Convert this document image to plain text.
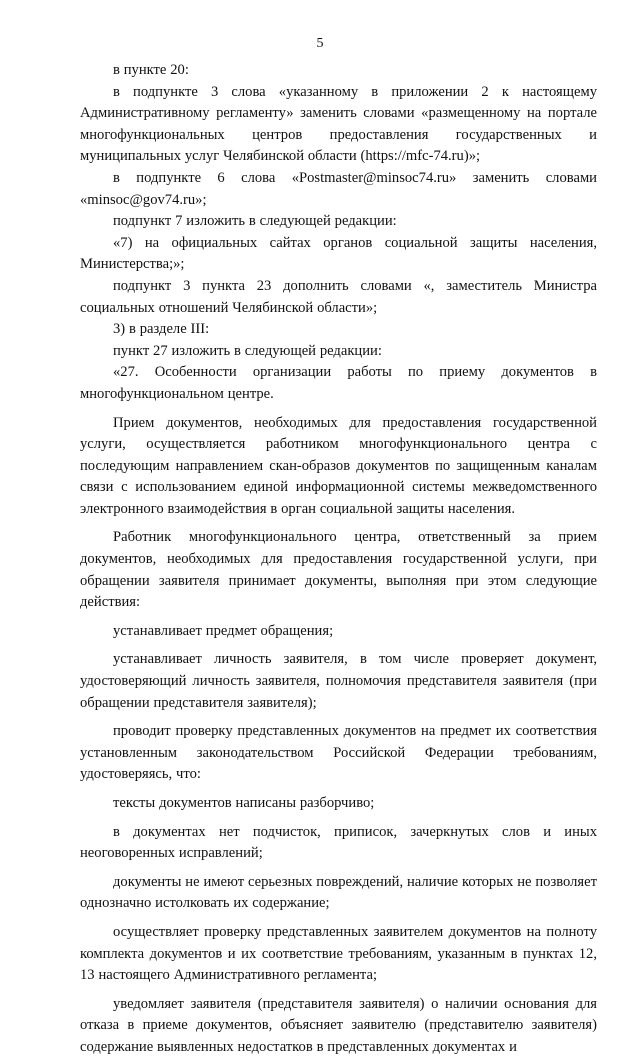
5

в пункте 20:

в подпункте 3 слова «указанному в приложении 2 к настоящему Административному регламенту» заменить словами «размещенному на портале многофункциональных центров предоставления государственных и муниципальных услуг Челябинской области (https://mfc-74.ru)»;

в подпункте 6 слова «Postmaster@minsoc74.ru» заменить словами «minsoc@gov74.ru»;

подпункт 7 изложить в следующей редакции:

«7) на официальных сайтах органов социальной защиты населения, Министерства;»;

подпункт 3 пункта 23 дополнить словами «, заместитель Министра социальных отношений Челябинской области»;

3) в разделе III:

пункт 27 изложить в следующей редакции:

«27. Особенности организации работы по приему документов в многофункциональном центре.

Прием документов, необходимых для предоставления государственной услуги, осуществляется работником многофункционального центра с последующим направлением скан-образов документов по защищенным каналам связи с использованием единой информационной системы межведомственного электронного взаимодействия в орган социальной защиты населения.

Работник многофункционального центра, ответственный за прием документов, необходимых для предоставления государственной услуги, при обращении заявителя принимает документы, выполняя при этом следующие действия:

устанавливает предмет обращения;

устанавливает личность заявителя, в том числе проверяет документ, удостоверяющий личность заявителя, полномочия представителя заявителя (при обращении представителя заявителя);

проводит проверку представленных документов на предмет их соответствия установленным законодательством Российской Федерации требованиям, удостоверяясь, что:

тексты документов написаны разборчиво;

в документах нет подчисток, приписок, зачеркнутых слов и иных неоговоренных исправлений;

документы не имеют серьезных повреждений, наличие которых не позволяет однозначно истолковать их содержание;

осуществляет проверку представленных заявителем документов на полноту комплекта документов и их соответствие требованиям, указанным в пунктах 12, 13 настоящего Административного регламента;

уведомляет заявителя (представителя заявителя) о наличии основания для отказа в приеме документов, объясняет заявителю (представителю заявителя) содержание выявленных недостатков в представленных документах и
